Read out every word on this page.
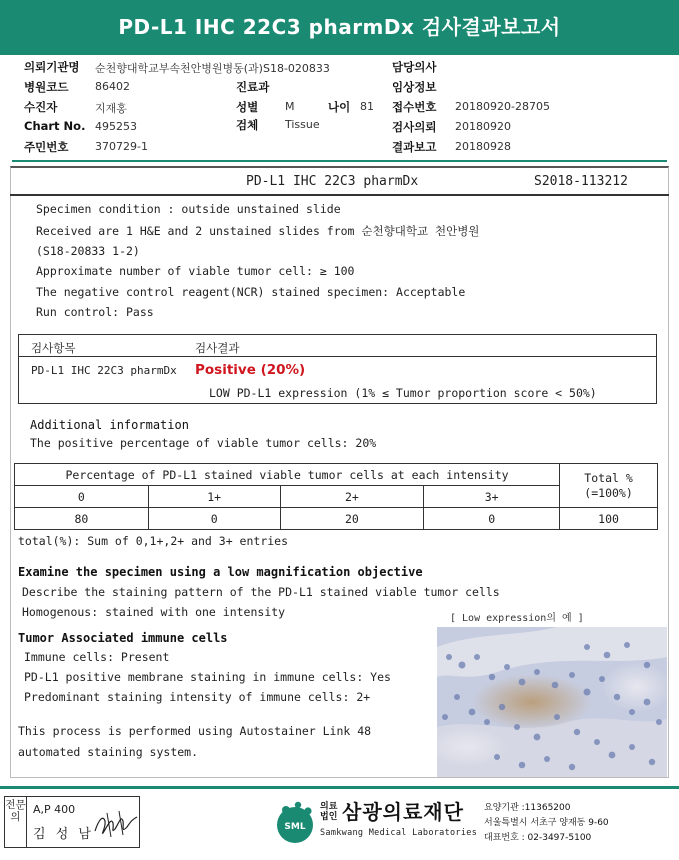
PD-L1 IHC 22C3 pharmDx 검사결과보고서
의뢰기관명 순천향대학교부속천안병원병동(과)S18-020833	담당의사
병원코드 86402	진료과	임상정보
수진자	지재홍	성별 M	나이 81 접수번호 20180920-28705
Chart No. 495253	검체 Tissue	검사의뢰 20180920
주민번호 370729-1	결과보고 20180928
PD-L1 IHC 22C3 pharmDx	S2018-113212
Specimen condition : outside unstained slide
Received are 1 H&E and 2 unstained slides from 순천향대학교 천안병원
(S18-20833 1-2)
Approximate number of viable tumor cell: ≥ 100
The negative control reagent(NCR) stained specimen: Acceptable
Run control: Pass
검사항목	검사결과
PD-L1 IHC 22C3 pharmDx Positive (20%)
LOW PD-L1 expression (1% ≤ Tumor proportion score < 50%)
Additional information
The positive percentage of viable tumor cells: 20%
Percentage of PD-L1 stained viable tumor cells at each intensity				Total %
(=100%)
0	1+	2+	3+	
80	0	20	0	100
total(%): Sum of 0,1+,2+ and 3+ entries
Examine the specimen using a low magnification objective
Describe the staining pattern of the PD-L1 stained viable tumor cells
Homogenous: stained with one intensity
Tumor Associated immune cells
Immune cells: Present
PD-L1 positive membrane staining in immune cells: Yes
Predominant staining intensity of immune cells: 2+
This process is performed using Autostainer Link 48
automated staining system.
[ Low expression의 예 ]
전문의
A,P 400
김 성 남	SML
의료
법인 삼광의료재단
Samkwang Medical Laboratories
요양기관 :11365200
서울특별시 서초구 양재동 9-60
대표번호 : 02-3497-5100
